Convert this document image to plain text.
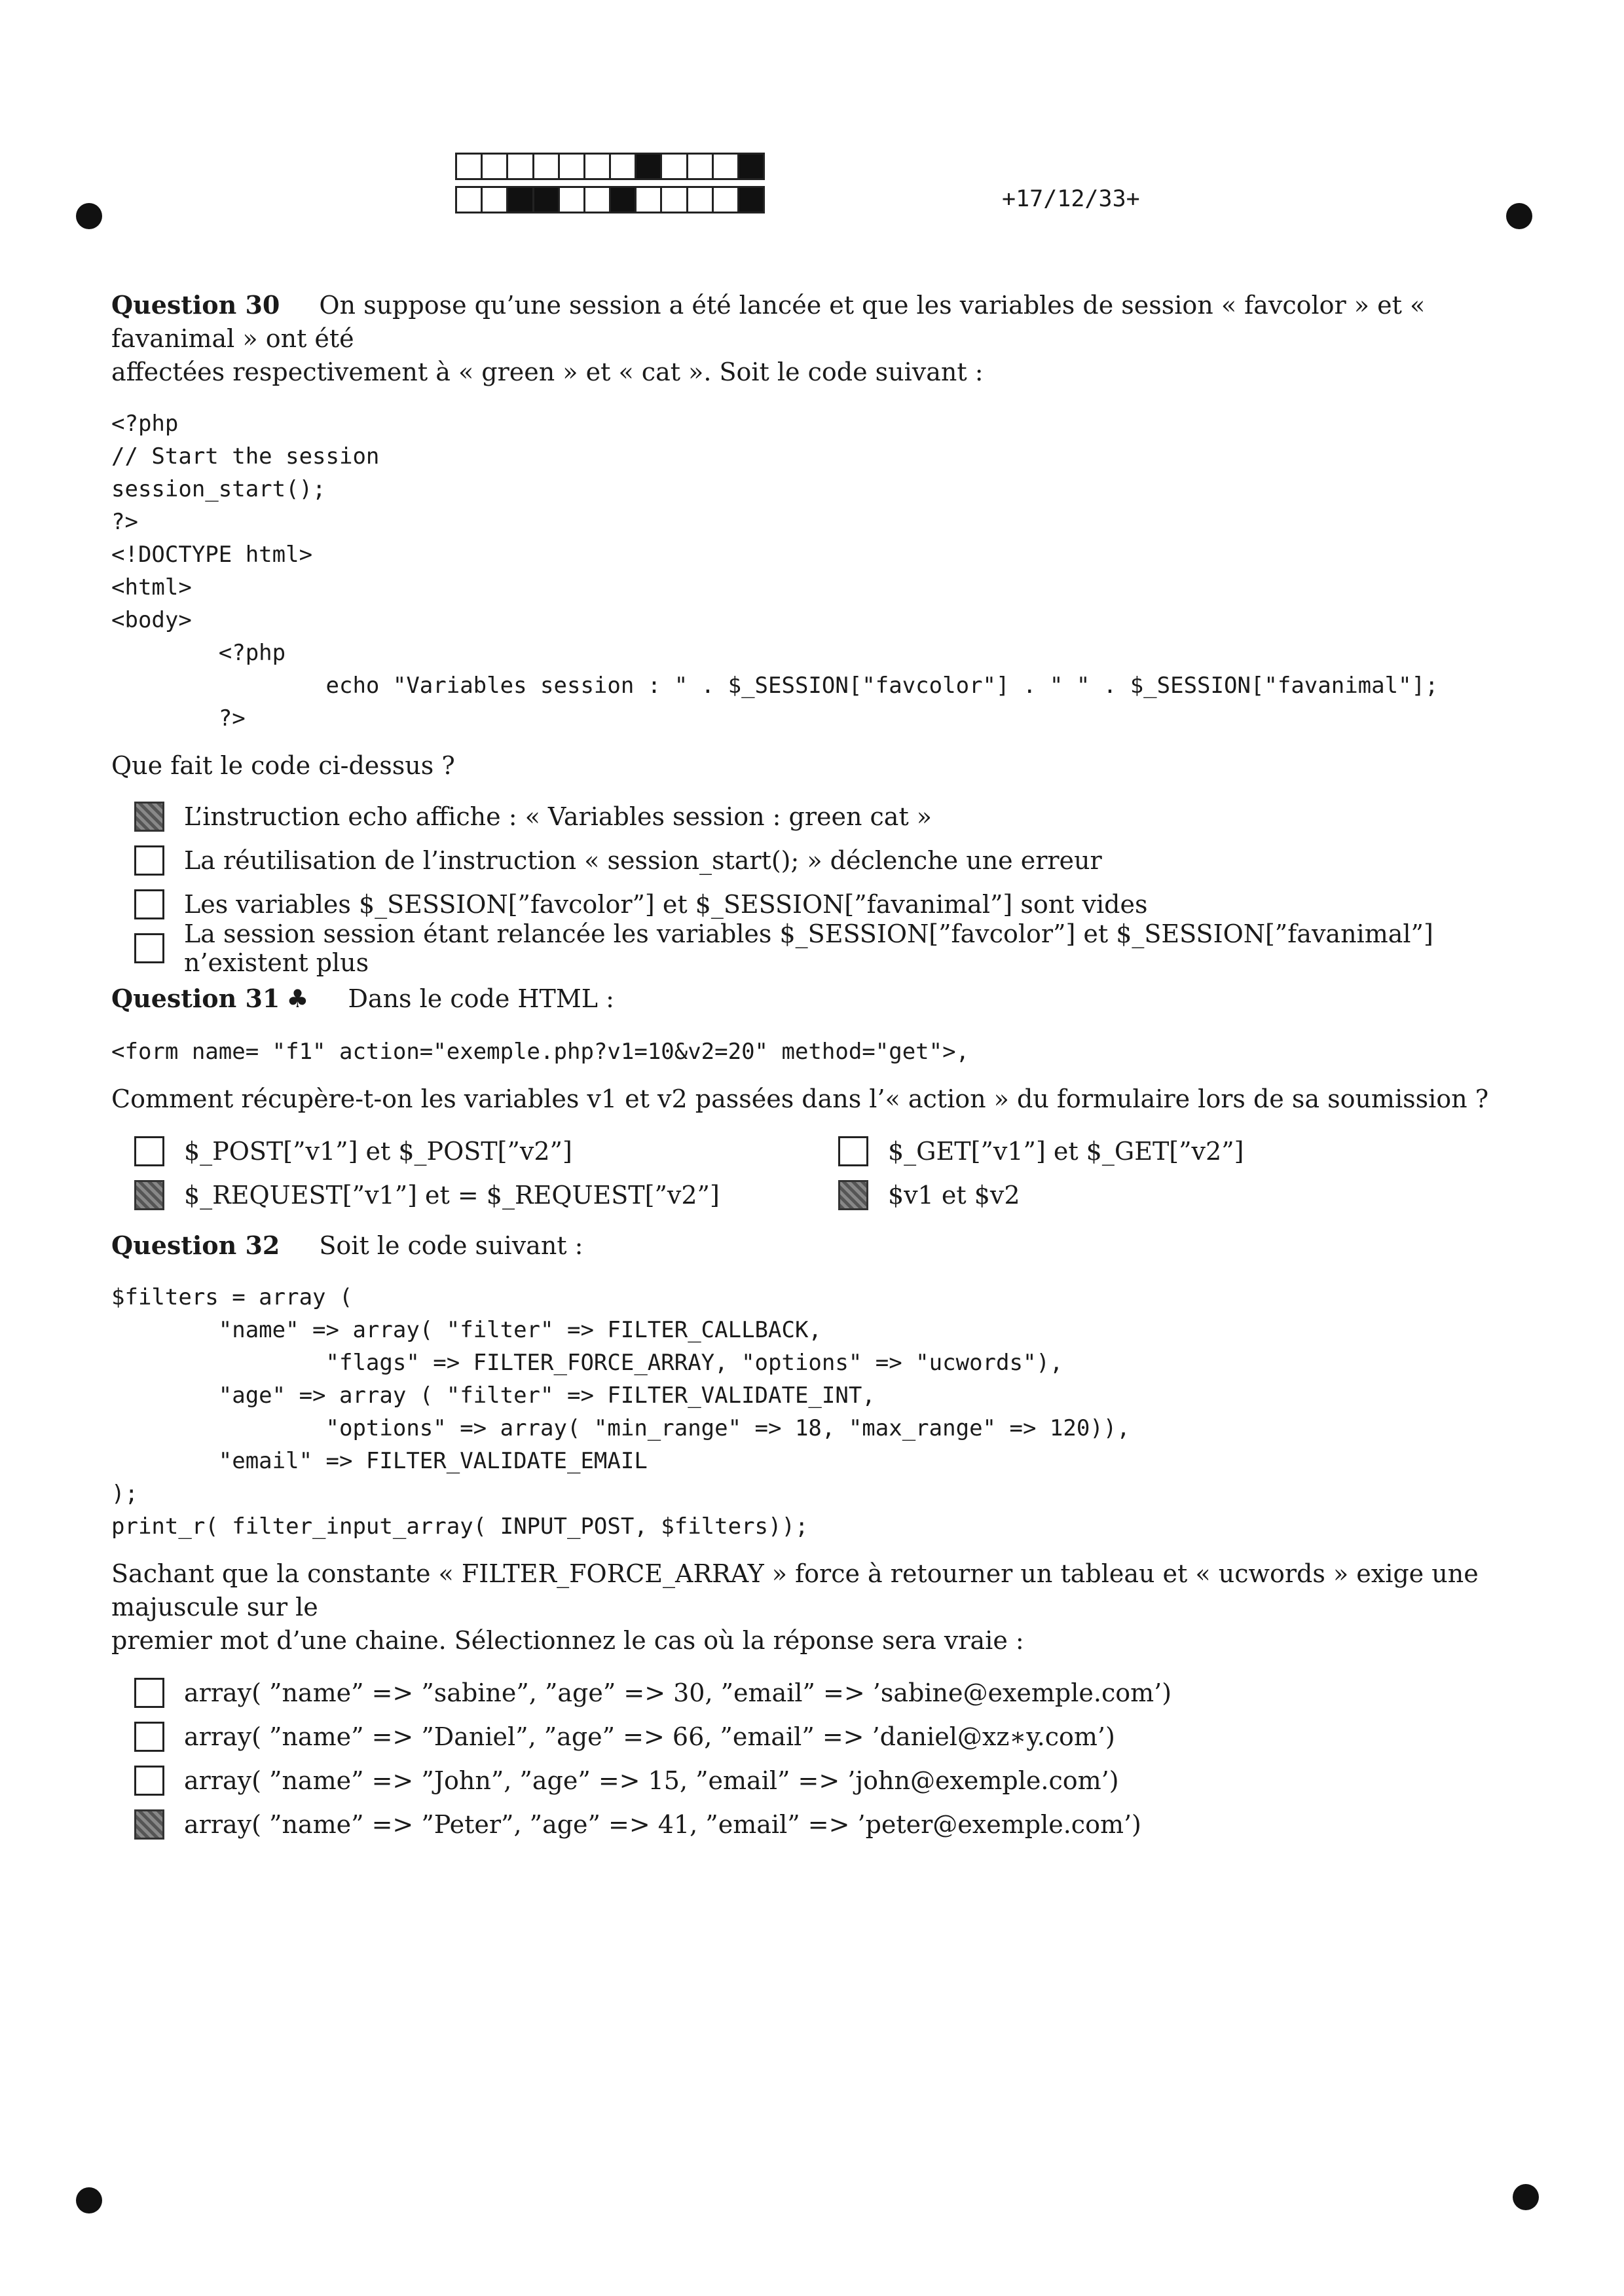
+17/12/33+

Question 30 On suppose qu’une session a été lancée et que les variables de session « favcolor » et « favanimal » ont été
affectées respectivement à « green » et « cat ». Soit le code suivant :

<?php
// Start the session
session_start();
?>
<!DOCTYPE html>
<html>
<body>
<?php
echo "Variables session : " . $_SESSION["favcolor"] . " " . $_SESSION["favanimal"];
?>

Que fait le code ci-dessus ?

L’instruction echo affiche : « Variables session : green cat »
La réutilisation de l’instruction « session_start(); » déclenche une erreur
Les variables $_SESSION[”favcolor”] et $_SESSION[”favanimal”] sont vides
La session session étant relancée les variables $_SESSION[”favcolor”] et $_SESSION[”favanimal”] n’existent plus

Question 31 ♣ Dans le code HTML :

<form name= "f1" action="exemple.php?v1=10&v2=20" method="get">,

Comment récupère-t-on les variables v1 et v2 passées dans l’« action » du formulaire lors de sa soumission ?

$_POST[”v1”] et $_POST[”v2”]	$_GET[”v1”] et $_GET[”v2”]
$_REQUEST[”v1”] et = $_REQUEST[”v2”]	$v1 et $v2

Question 32 Soit le code suivant :

$filters = array (
"name" => array( "filter" => FILTER_CALLBACK,
"flags" => FILTER_FORCE_ARRAY, "options" => "ucwords"),
"age" => array ( "filter" => FILTER_VALIDATE_INT,
"options" => array( "min_range" => 18, "max_range" => 120)),
"email" => FILTER_VALIDATE_EMAIL
);
print_r( filter_input_array( INPUT_POST, $filters));

Sachant que la constante « FILTER_FORCE_ARRAY » force à retourner un tableau et « ucwords » exige une majuscule sur le
premier mot d’une chaine. Sélectionnez le cas où la réponse sera vraie :

array( ”name” => ”sabine”, ”age” => 30, ”email” => ’sabine@exemple.com’)
array( ”name” => ”Daniel”, ”age” => 66, ”email” => ’daniel@xz∗y.com’)
array( ”name” => ”John”, ”age” => 15, ”email” => ’john@exemple.com’)
array( ”name” => ”Peter”, ”age” => 41, ”email” => ’peter@exemple.com’)
